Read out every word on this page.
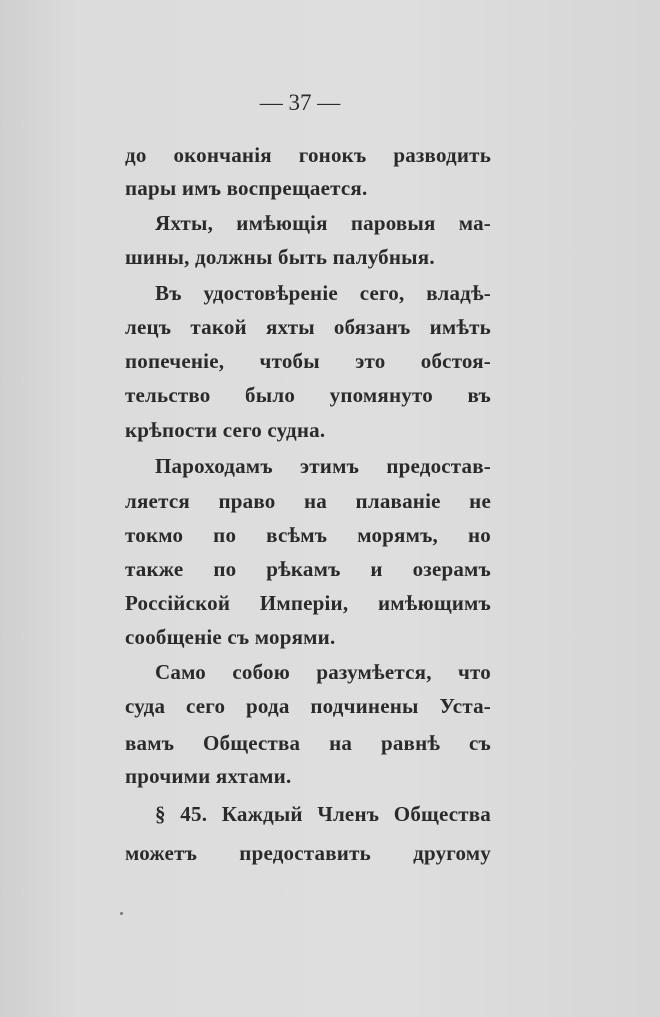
— 37 —
до окончанія гонокъ разводить
пары имъ воспрещается.
Яхты, имѣющія паровыя ма-
шины, должны быть палубныя.
Въ удостовѣреніе сего, владѣ-
лецъ такой яхты обязанъ имѣть
попеченіе, чтобы это обстоя-
тельство было упомянуто въ
крѣпости сего судна.
Пароходамъ этимъ предостав-
ляется право на плаваніе не
токмо по всѣмъ морямъ, но
также по рѣкамъ и озерамъ
Россійской Имперіи, имѣющимъ
сообщеніе съ морями.
Само собою разумѣется, что
суда сего рода подчинены Уста-
вамъ Общества на равнѣ съ
прочими яхтами.
§ 45. Каждый Членъ Общества
можетъ предоставить другому
